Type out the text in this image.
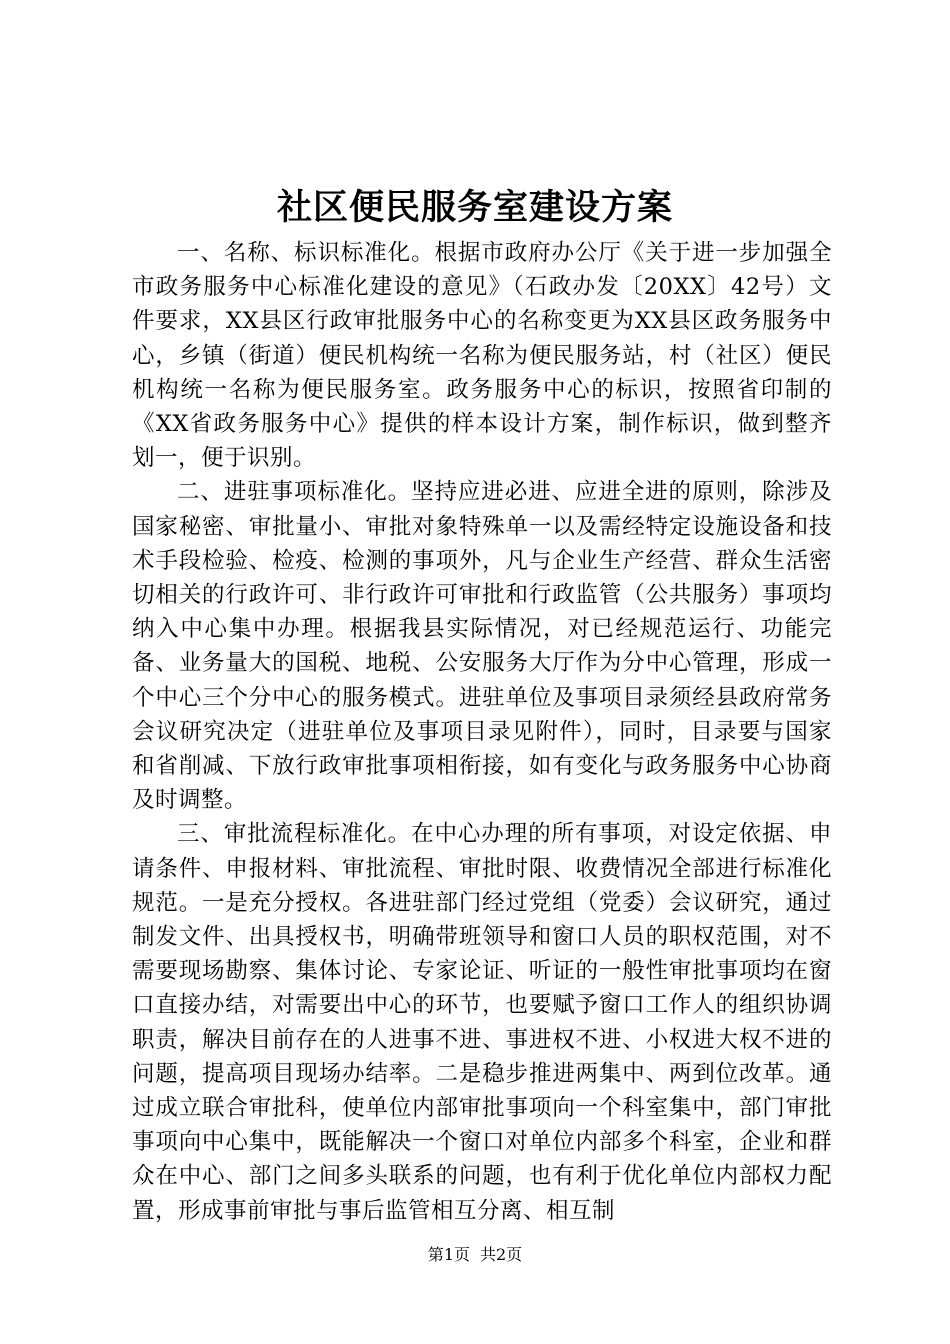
社区便民服务室建设方案

一、名称、标识标准化。根据市政府办公厅《关于进一步加强全市政务服务中心标准化建设的意见》（石政办发〔20XX〕42号）文件要求，XX县区行政审批服务中心的名称变更为XX县区政务服务中心，乡镇（街道）便民机构统一名称为便民服务站，村（社区）便民机构统一名称为便民服务室。政务服务中心的标识，按照省印制的《XX省政务服务中心》提供的样本设计方案，制作标识，做到整齐划一，便于识别。

二、进驻事项标准化。坚持应进必进、应进全进的原则，除涉及国家秘密、审批量小、审批对象特殊单一以及需经特定设施设备和技术手段检验、检疫、检测的事项外，凡与企业生产经营、群众生活密切相关的行政许可、非行政许可审批和行政监管（公共服务）事项均纳入中心集中办理。根据我县实际情况，对已经规范运行、功能完备、业务量大的国税、地税、公安服务大厅作为分中心管理，形成一个中心三个分中心的服务模式。进驻单位及事项目录须经县政府常务会议研究决定（进驻单位及事项目录见附件），同时，目录要与国家和省削减、下放行政审批事项相衔接，如有变化与政务服务中心协商及时调整。

三、审批流程标准化。在中心办理的所有事项，对设定依据、申请条件、申报材料、审批流程、审批时限、收费情况全部进行标准化规范。一是充分授权。各进驻部门经过党组（党委）会议研究，通过制发文件、出具授权书，明确带班领导和窗口人员的职权范围，对不需要现场勘察、集体讨论、专家论证、听证的一般性审批事项均在窗口直接办结，对需要出中心的环节，也要赋予窗口工作人的组织协调职责，解决目前存在的人进事不进、事进权不进、小权进大权不进的问题，提高项目现场办结率。二是稳步推进两集中、两到位改革。通过成立联合审批科，使单位内部审批事项向一个科室集中，部门审批事项向中心集中，既能解决一个窗口对单位内部多个科室，企业和群众在中心、部门之间多头联系的问题，也有利于优化单位内部权力配置，形成事前审批与事后监管相互分离、相互制

第1页 共2页
